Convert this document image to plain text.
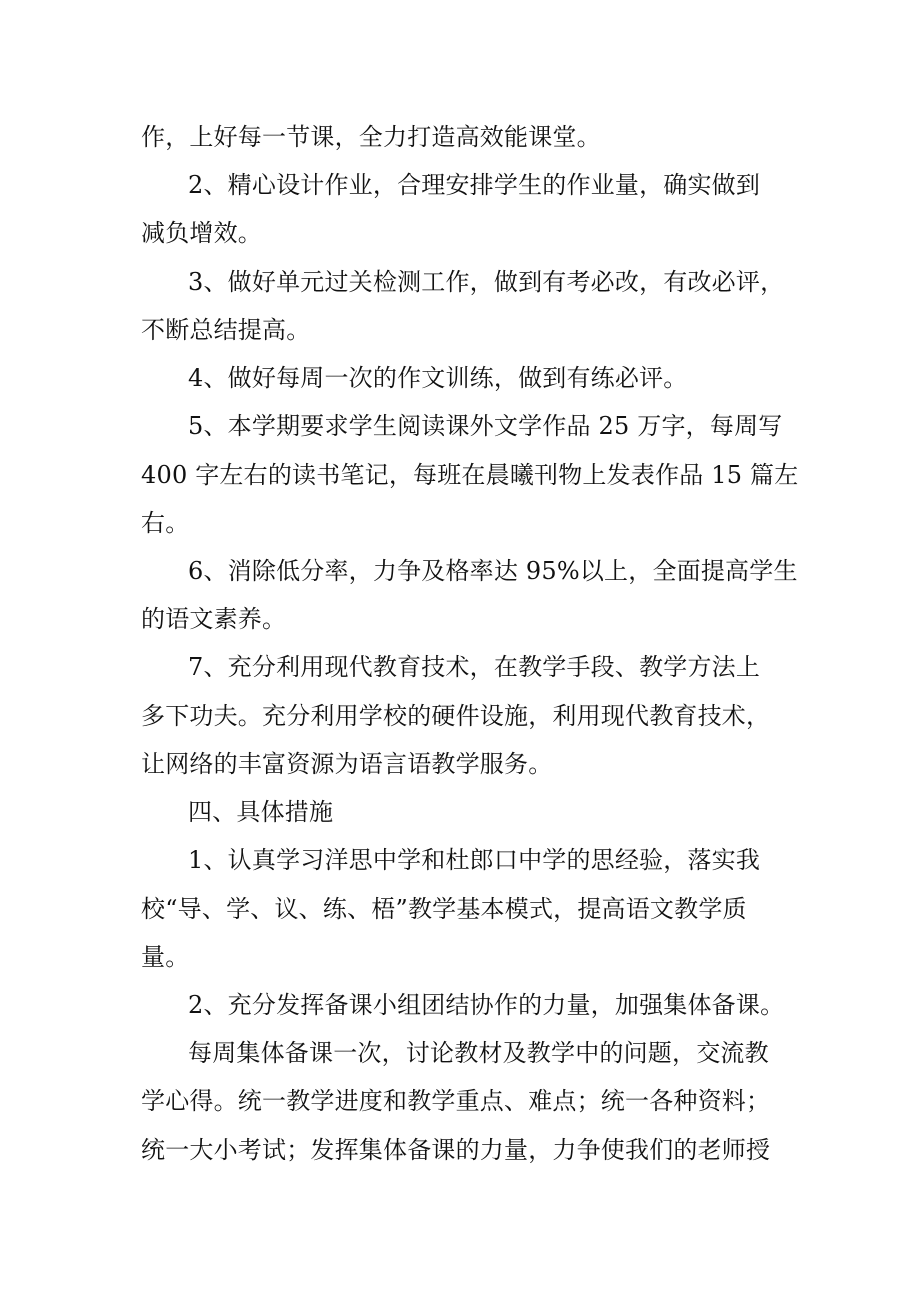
作，上好每一节课，全力打造高效能课堂。
2、精心设计作业，合理安排学生的作业量，确实做到
减负增效。
3、做好单元过关检测工作，做到有考必改，有改必评，
不断总结提高。
4、做好每周一次的作文训练，做到有练必评。
5、本学期要求学生阅读课外文学作品 25 万字，每周写
400 字左右的读书笔记，每班在晨曦刊物上发表作品 15 篇左
右。
6、消除低分率，力争及格率达 95%以上，全面提高学生
的语文素养。
7、充分利用现代教育技术，在教学手段、教学方法上
多下功夫。充分利用学校的硬件设施，利用现代教育技术，
让网络的丰富资源为语言语教学服务。
四、具体措施
1、认真学习洋思中学和杜郎口中学的思经验，落实我
校“导、学、议、练、梧”教学基本模式，提高语文教学质
量。
2、充分发挥备课小组团结协作的力量，加强集体备课。
每周集体备课一次，讨论教材及教学中的问题，交流教
学心得。统一教学进度和教学重点、难点；统一各种资料；
统一大小考试；发挥集体备课的力量，力争使我们的老师授
